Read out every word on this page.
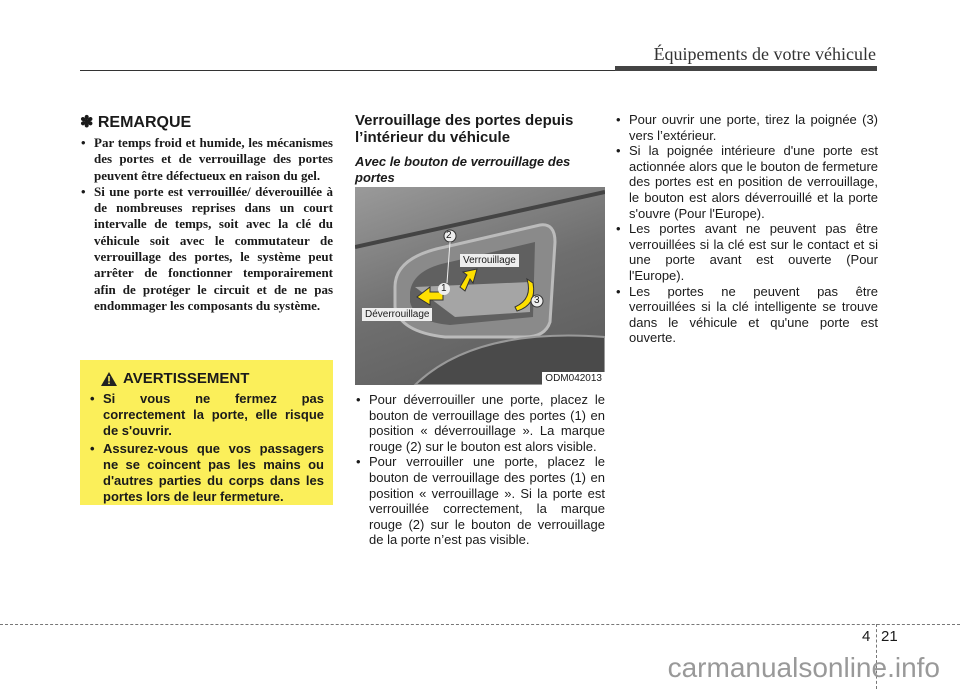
Équipements de votre véhicule
✽ REMARQUE
• Par temps froid et humide, les mécanismes des portes et de verrouillage des portes peuvent être défectueux en raison du gel.
• Si une porte est verrouillée/ déverouillée à de nombreuses reprises dans un court intervalle de temps, soit avec la clé du véhicule soit avec le commutateur de verrouillage des portes, le système peut arrêter de fonctionner temporairement afin de protéger le circuit et de ne pas endommager les composants du système.
AVERTISSEMENT
• Si vous ne fermez pas correctement la porte, elle risque de s'ouvrir.
• Assurez-vous que vos passagers ne se coincent pas les mains ou d'autres parties du corps dans les portes lors de leur fermeture.
Verrouillage des portes depuis l’intérieur du véhicule
Avec le bouton de verrouillage des portes
2
1
3
Verrouillage
Déverrouillage
ODM042013
• Pour déverrouiller une porte, placez le bouton de verrouillage des portes (1) en position « déverrouillage ». La marque rouge (2) sur le bouton est alors visible.
• Pour verrouiller une porte, placez le bouton de verrouillage des portes (1) en position « verrouillage ». Si la porte est verrouillée correctement, la marque rouge (2) sur le bouton de verrouillage de la porte n’est pas visible.
• Pour ouvrir une porte, tirez la poignée (3) vers l’extérieur.
• Si la poignée intérieure d'une porte est actionnée alors que le bouton de fermeture des portes est en position de verrouillage, le bouton est alors déverrouillé et la porte s'ouvre (Pour l'Europe).
• Les portes avant ne peuvent pas être verrouillées si la clé est sur le contact et si une porte avant est ouverte (Pour l'Europe).
• Les portes ne peuvent pas être verrouillées si la clé intelligente se trouve dans le véhicule et qu'une porte est ouverte.
4 21
carmanualsonline.info
